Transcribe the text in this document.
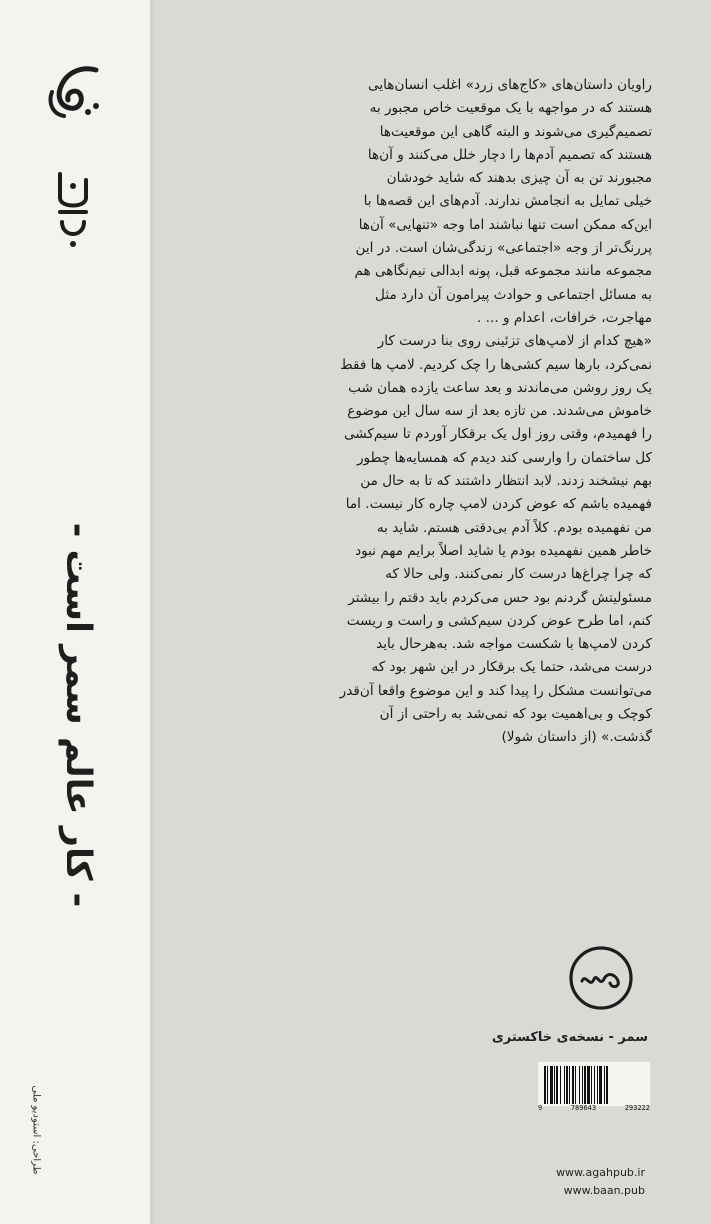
- کار عالم سمر است -
طراحی: استودیو ملی
راویان داستان‌های «کاج‌های زرد» اغلب انسان‌هایی
هستند که در مواجهه با یک موقعیت خاص مجبور به
تصمیم‌گیری می‌شوند و البته گاهی این موقعیت‌ها
هستند که تصمیم آدم‌ها را دچار خلل می‌کنند و آن‌ها
مجبورند تن به آن چیزی بدهند که شاید خودشان
خیلی تمایل به انجامش ندارند. آدم‌های این قصه‌ها با
این‌که ممکن است تنها نباشند اما وجه «تنهایی» آن‌ها
پررنگ‌تر از وجه «اجتماعی» زندگی‌شان است. در این
مجموعه مانند مجموعه قبل، پونه ابدالی نیم‌نگاهی هم
به مسائل اجتماعی و حوادث پیرامون آن دارد مثل
مهاجرت، خرافات، اعدام و ... .
«هیچ کدام از لامپ‌های تزئینی روی بنا درست کار
نمی‌کرد، بارها سیم کشی‌ها را چک کردیم. لامپ ها فقط
یک روز روشن می‌ماندند و بعد ساعت یازده همان شب
خاموش می‌شدند. من تازه بعد از سه سال این موضوع
را فهمیدم، وقتی روز اول یک برقکار آوردم تا سیم‌کشی
کل ساختمان را وارسی کند دیدم که همسایه‌ها چطور
بهم نیشخند زدند. لابد انتظار داشتند که تا به حال من
فهمیده باشم که عوض کردن لامپ چاره کار نیست. اما
من نفهمیده بودم. کلاً آدم بی‌دقتی هستم. شاید به
خاطر همین نفهمیده بودم یا شاید اصلاً برایم مهم نبود
که چرا چراغ‌ها درست کار نمی‌کنند. ولی حالا که
مسئولیتش گردنم بود حس می‌کردم باید دقتم را بیشتر
کنم، اما طرح عوض کردن سیم‌کشی و راست و ریست
کردن لامپ‌ها با شکست مواجه شد. به‌هرحال باید
درست می‌شد، حتما یک برقکار در این شهر بود که
می‌توانست مشکل را پیدا کند و این موضوع واقعا آن‌قدر
کوچک و بی‌اهمیت بود که نمی‌شد به راحتی از آن
گذشت.» (از داستان شولا)
سمر - نسخه‌ی خاکستری
9	789643	293222
www.agahpub.ir
www.baan.pub
